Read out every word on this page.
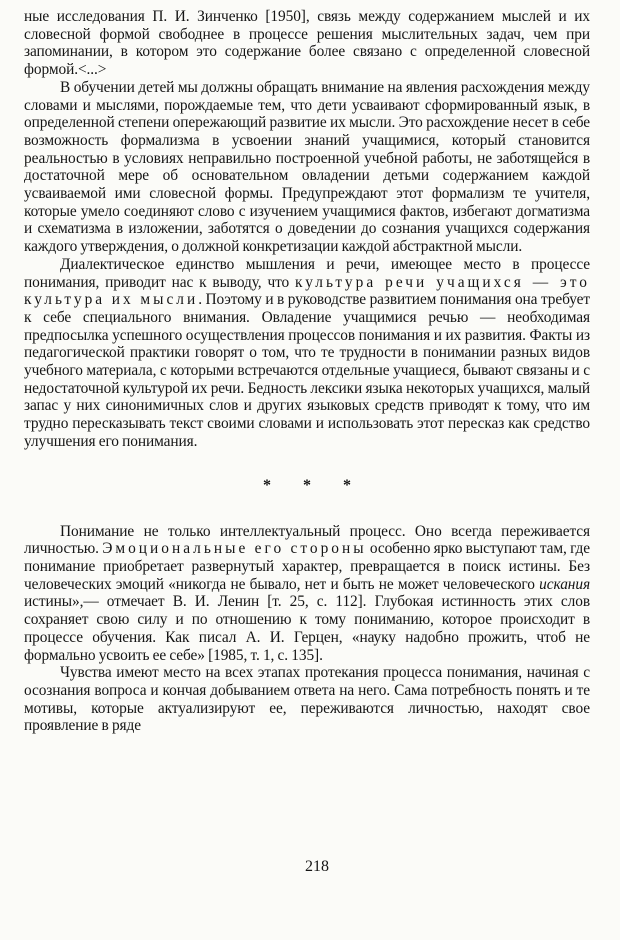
ные исследования П. И. Зинченко [1950], связь между содержанием мыслей и их словесной формой свободнее в процессе решения мыслительных задач, чем при запоминании, в котором это содержание более связано с определенной словесной формой.<...>

В обучении детей мы должны обращать внимание на явления расхождения между словами и мыслями, порождаемые тем, что дети усваивают сформированный язык, в определенной степени опережающий развитие их мысли. Это расхождение несет в себе возможность формализма в усвоении знаний учащимися, который становится реальностью в условиях неправильно построенной учебной работы, не заботящейся в достаточной мере об основательном овладении детьми содержанием каждой усваиваемой ими словесной формы. Предупреждают этот формализм те учителя, которые умело соединяют слово с изучением учащимися фактов, избегают догматизма и схематизма в изложении, заботятся о доведении до сознания учащихся содержания каждого утверждения, о должной конкретизации каждой абстрактной мысли.

Диалектическое единство мышления и речи, имеющее место в процессе понимания, приводит нас к выводу, что культура речи учащихся — это культура их мысли. Поэтому и в руководстве развитием понимания она требует к себе специального внимания. Овладение учащимися речью — необходимая предпосылка успешного осуществления процессов понимания и их развития. Факты из педагогической практики говорят о том, что те трудности в понимании разных видов учебного материала, с которыми встречаются отдельные учащиеся, бывают связаны и с недостаточной культурой их речи. Бедность лексики языка некоторых учащихся, малый запас у них синонимичных слов и других языковых средств приводят к тому, что им трудно пересказывать текст своими словами и использовать этот пересказ как средство улучшения его понимания.

* * *

Понимание не только интеллектуальный процесс. Оно всегда переживается личностью. Эмоциональные его стороны особенно ярко выступают там, где понимание приобретает развернутый характер, превращается в поиск истины. Без человеческих эмоций «никогда не бывало, нет и быть не может человеческого искания истины»,— отмечает В. И. Ленин [т. 25, с. 112]. Глубокая истинность этих слов сохраняет свою силу и по отношению к тому пониманию, которое происходит в процессе обучения. Как писал А. И. Герцен, «науку надобно прожить, чтоб не формально усвоить ее себе» [1985, т. 1, с. 135].

Чувства имеют место на всех этапах протекания процесса понимания, начиная с осознания вопроса и кончая добыванием ответа на него. Сама потребность понять и те мотивы, которые актуализируют ее, переживаются личностью, находят свое проявление в ряде

218
